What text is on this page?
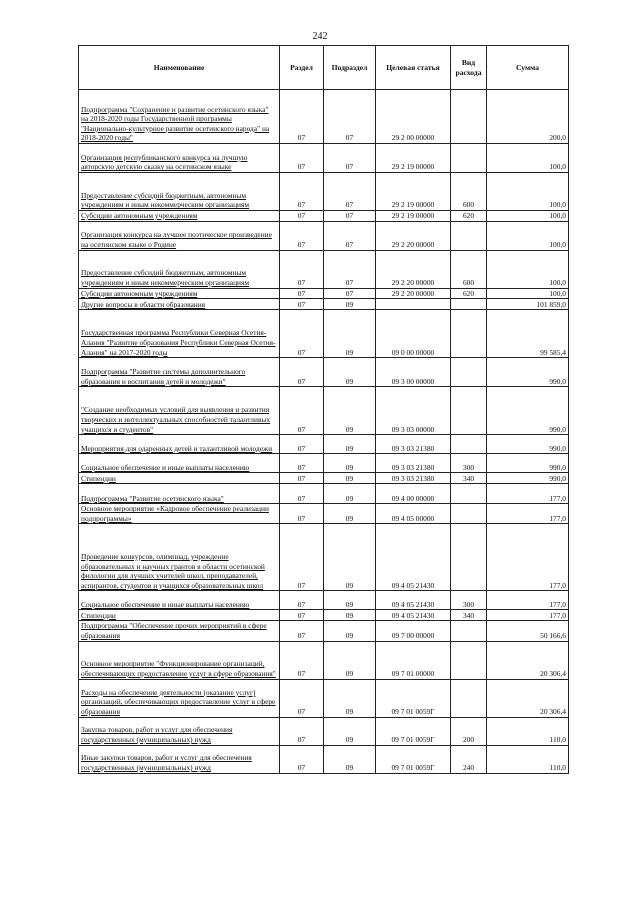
242
Наименование	Раздел	Подраздел	Целевая статья	Вид расхода	Сумма

Подпрограмма "Сохранение и развитие осетинского языка" на 2018-2020 годы Государственной программы "Национально-культурное развитие осетинского народа" на 2018-2020 годы"	07	07	29 2 00 00000		200,0

Организация республиканского конкурса на лучшую авторскую детскую сказку на осетинском языке	07	07	29 2 19 00000		100,0

Предоставление субсидий бюджетным, автономным учреждениям и иным некоммерческим организациям	07	07	29 2 19 00000	600	100,0

Субсидии автономным учреждениям	07	07	29 2 19 00000	620	100,0

Организация конкурса на лучшее поэтическое произведение на осетинском языке о Родине	07	07	29 2 20 00000		100,0

Предоставление субсидий бюджетным, автономным учреждениям и иным некоммерческим организациям	07	07	29 2 20 00000	600	100,0

Субсидии автономным учреждениям	07	07	29 2 20 00000	620	100,0

Другие вопросы в области образования	07	09			101 859,0

Государственная программа Республики Северная Осетия-Алания "Развитие образования Республики Северная Осетия-Алания" на 2017-2020 годы	07	09	09 0 00 00000		99 585,4

Подпрограмма "Развитие системы дополнительного образования и воспитания детей и молодежи"	07	09	09 3 00 00000		990,0

"Создание необходимых условий для выявления и развития творческих и интеллектуальных способностей талантливых учащихся и студентов"	07	09	09 3 03 00000		990,0

Мероприятия для одаренных детей и талантливой молодежи	07	09	09 3 03 21380		990,0

Социальное обеспечение и иные выплаты населению	07	09	09 3 03 21380	300	990,0

Стипендии	07	09	09 3 03 21380	340	990,0

Подпрограмма "Развитие осетинского языка"	07	09	09 4 00 00000		177,0

Основное мероприятие «Кадровое обеспечение реализации подпрограммы»	07	09	09 4 05 00000		177,0

Проведение конкурсов, олимпиад, учреждение образовательных и научных грантов в области осетинской филологии для лучших учителей школ, преподавателей, аспирантов, студентов и учащихся образовательных школ	07	09	09 4 05 21430		177,0

Социальное обеспечение и иные выплаты населению	07	09	09 4 05 21430	300	177,0

Стипендии	07	09	09 4 05 21430	340	177,0

Подпрограмма "Обеспечение прочих мероприятий в сфере образования	07	09	09 7 00 00000		50 166,6

Основное мероприятие "Функционирование организаций, обеспечивающих предоставление услуг в сфере образования"	07	09	09 7 01 00000		20 306,4

Расходы на обеспечение деятельности (оказание услуг) организаций, обеспечивающих предоставление услуг в сфере образования	07	09	09 7 01 0059Г		20 306,4

Закупка товаров, работ и услуг для обеспечения государственных (муниципальных) нужд	07	09	09 7 01 0059Г	200	110,0

Иные закупки товаров, работ и услуг для обеспечения государственных (муниципальных) нужд	07	09	09 7 01 0059Г	240	110,0
